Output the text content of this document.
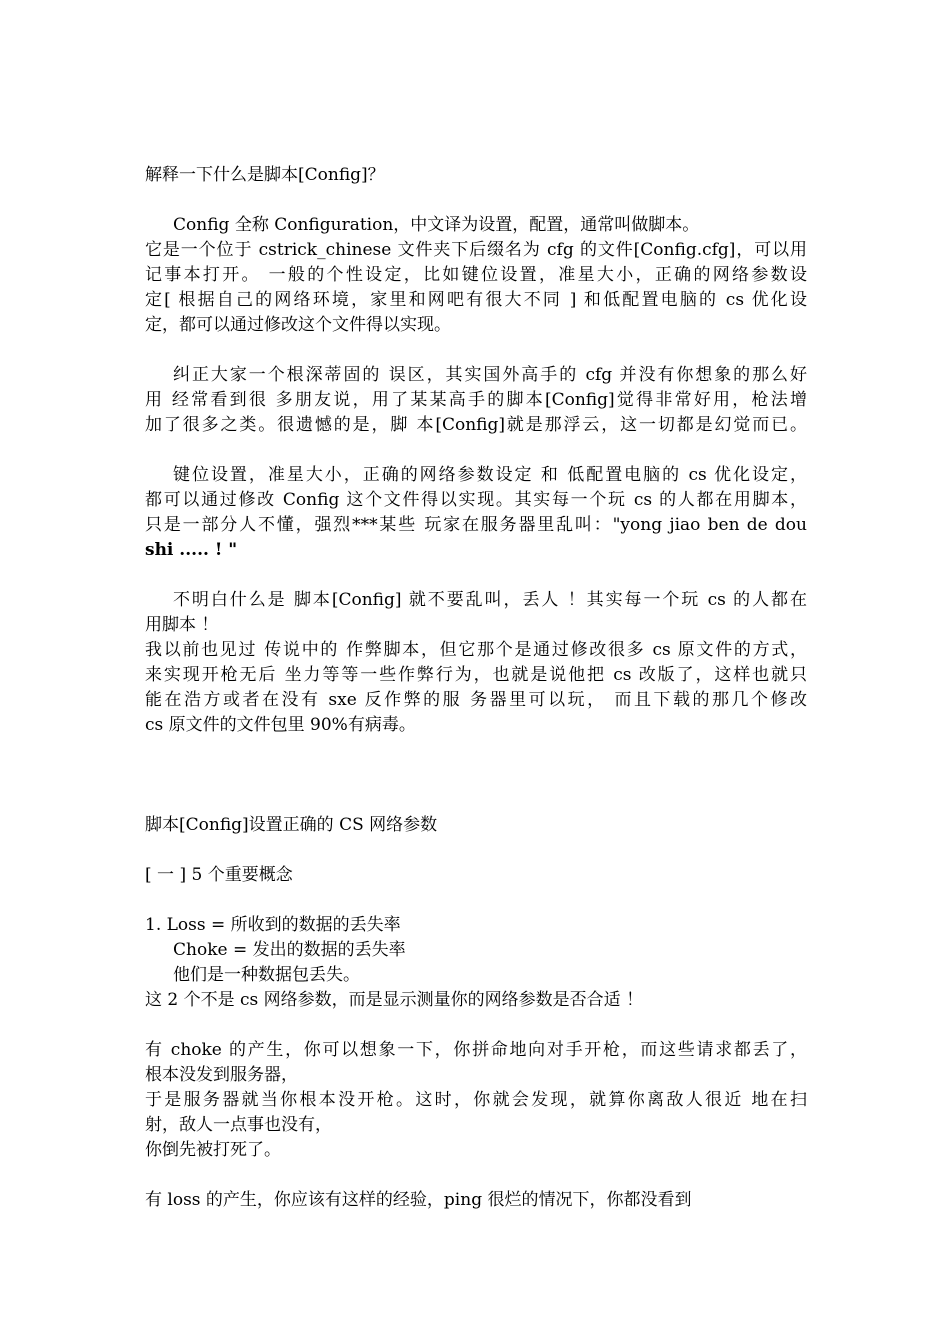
解释一下什么是脚本[Config]？
Config 全称 Configuration，中文译为设置，配置，通常叫做脚本。
它是一个位于 cstrick_chinese 文件夹下后缀名为 cfg 的文件[Config.cfg]，可以用
记事本打开。 一般的个性设定，比如键位设置，准星大小，正确的网络参数设
定[ 根据自己的网络环境，家里和网吧有很大不同 ] 和低配置电脑的 cs 优化设
定，都可以通过修改这个文件得以实现。
纠正大家一个根深蒂固的 误区，其实国外高手的 cfg 并没有你想象的那么好
用 经常看到很 多朋友说，用了某某高手的脚本[Config]觉得非常好用，枪法增
加了很多之类。很遗憾的是，脚 本[Config]就是那浮云，这一切都是幻觉而已。
键位设置，准星大小，正确的网络参数设定 和 低配置电脑的 cs 优化设定，
都可以通过修改 Config 这个文件得以实现。其实每一个玩 cs 的人都在用脚本，
只是一部分人不懂，强烈***某些 玩家在服务器里乱叫："yong jiao ben de dou
shi ..... ! "
不明白什么是 脚本[Config] 就不要乱叫，丢人 ！其实每一个玩 cs 的人都在
用脚本 ！
我以前也见过 传说中的 作弊脚本，但它那个是通过修改很多 cs 原文件的方式，
来实现开枪无后 坐力等等一些作弊行为，也就是说他把 cs 改版了，这样也就只
能在浩方或者在没有 sxe 反作弊的服 务器里可以玩， 而且下载的那几个修改
cs 原文件的文件包里 90%有病毒。
脚本[Config]设置正确的 CS 网络参数
[ 一 ] 5 个重要概念
1. Loss = 所收到的数据的丢失率
Choke = 发出的数据的丢失率
他们是一种数据包丢失。
这 2 个不是 cs 网络参数，而是显示测量你的网络参数是否合适 ！
有 choke 的产生，你可以想象一下，你拼命地向对手开枪，而这些请求都丢了，
根本没发到服务器，
于是服务器就当你根本没开枪。这时，你就会发现，就算你离敌人很近 地在扫
射，敌人一点事也没有，
你倒先被打死了。
有 loss 的产生，你应该有这样的经验，ping 很烂的情况下，你都没看到
